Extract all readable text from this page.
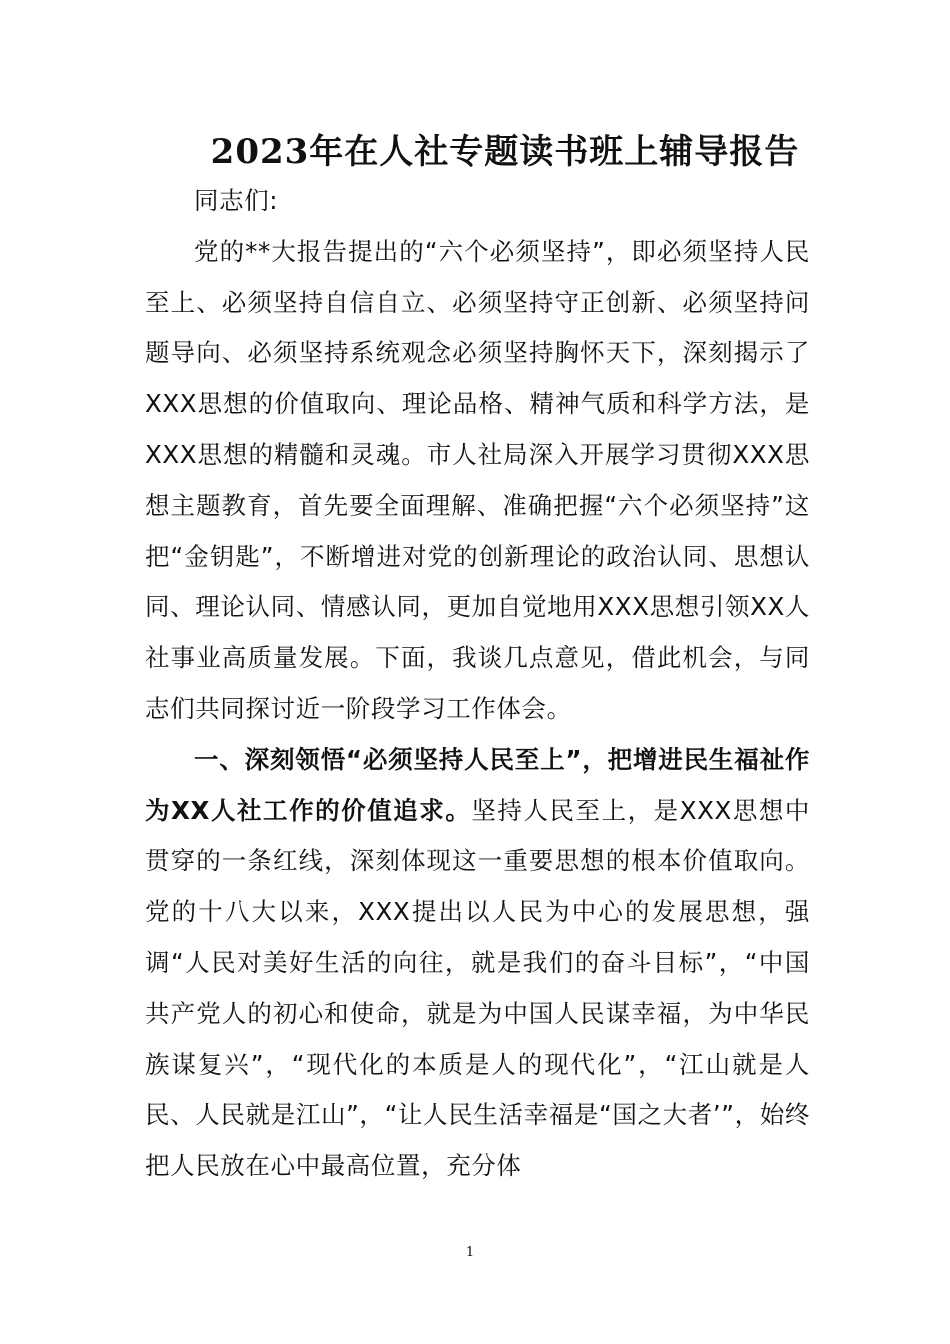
2023年在人社专题读书班上辅导报告

同志们:

党的**大报告提出的“六个必须坚持”，即必须坚持人民至上、必须坚持自信自立、必须坚持守正创新、必须坚持问题导向、必须坚持系统观念必须坚持胸怀天下，深刻揭示了XXX思想的价值取向、理论品格、精神气质和科学方法，是XXX思想的精髓和灵魂。市人社局深入开展学习贯彻XXX思想主题教育，首先要全面理解、准确把握“六个必须坚持”这把“金钥匙”，不断增进对党的创新理论的政治认同、思想认同、理论认同、情感认同，更加自觉地用XXX思想引领XX人社事业高质量发展。下面，我谈几点意见，借此机会，与同志们共同探讨近一阶段学习工作体会。

一、深刻领悟“必须坚持人民至上”，把增进民生福祉作为XX人社工作的价值追求。坚持人民至上，是XXX思想中贯穿的一条红线，深刻体现这一重要思想的根本价值取向。党的十八大以来，XXX提出以人民为中心的发展思想，强调“人民对美好生活的向往，就是我们的奋斗目标”，“中国共产党人的初心和使命，就是为中国人民谋幸福，为中华民族谋复兴”，“现代化的本质是人的现代化”，“江山就是人民、人民就是江山”，“让人民生活幸福是“国之大者’”，始终把人民放在心中最高位置，充分体

1
